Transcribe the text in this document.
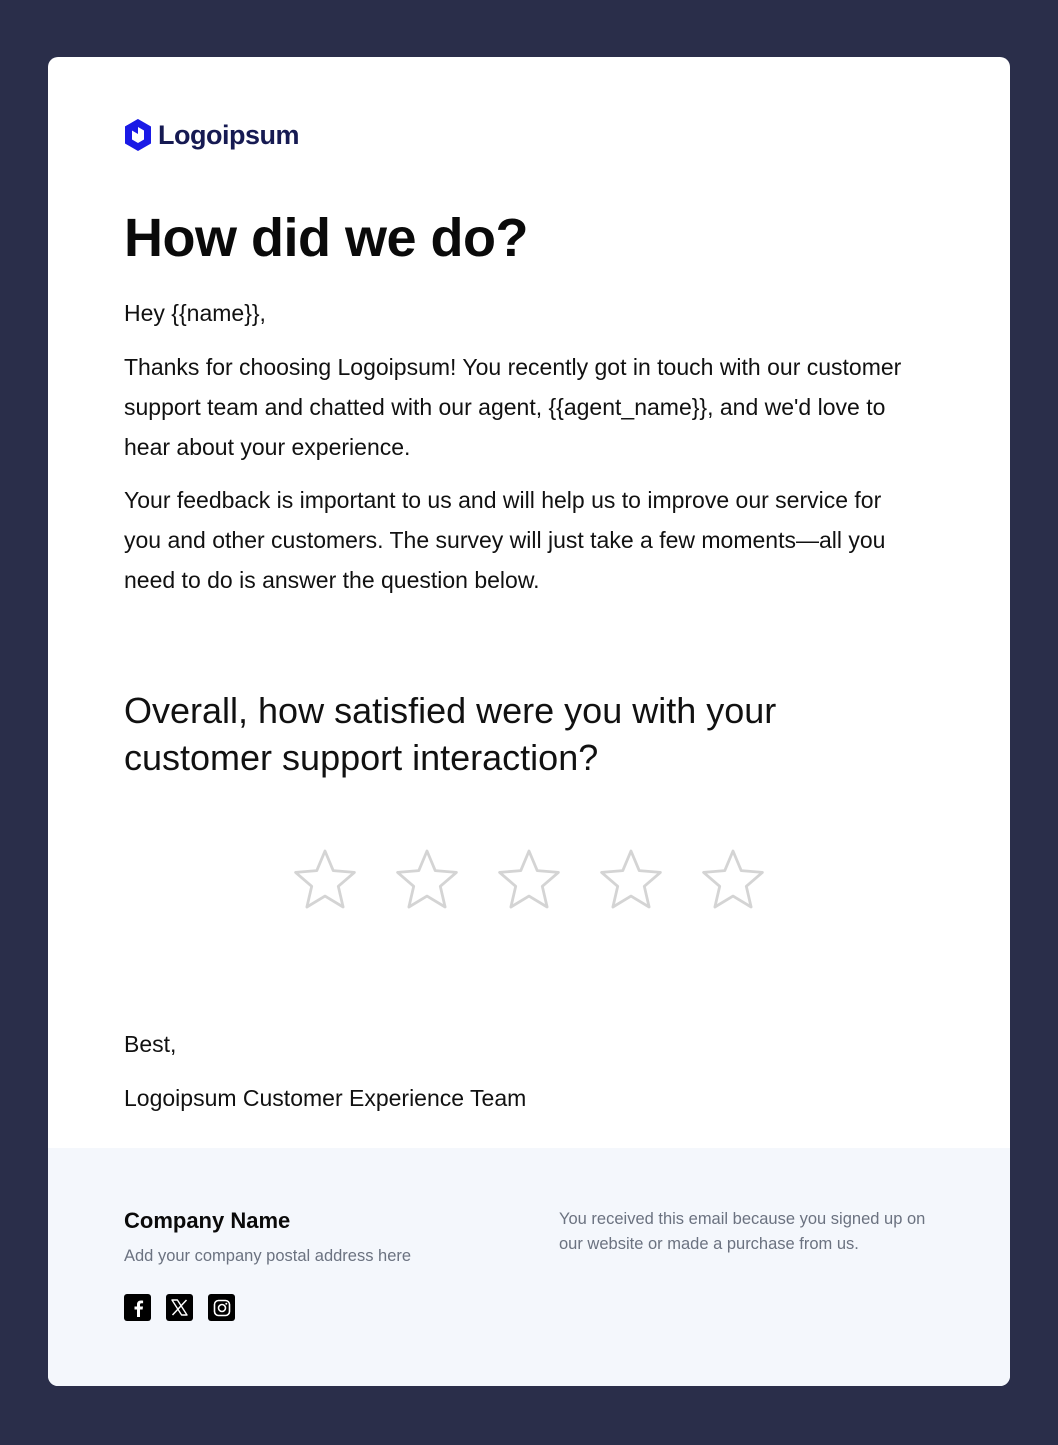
Logoipsum
How did we do?

Hey {{name}},

Thanks for choosing Logoipsum! You recently got in touch with our customer support team and chatted with our agent, {{agent_name}}, and we'd love to hear about your experience.

Your feedback is important to us and will help us to improve our service for you and other customers. The survey will just take a few moments—all you need to do is answer the question below.

Overall, how satisfied were you with your customer support interaction?

Best,

Logoipsum Customer Experience Team

Company Name
Add your company postal address here

You received this email because you signed up on our website or made a purchase from us.
